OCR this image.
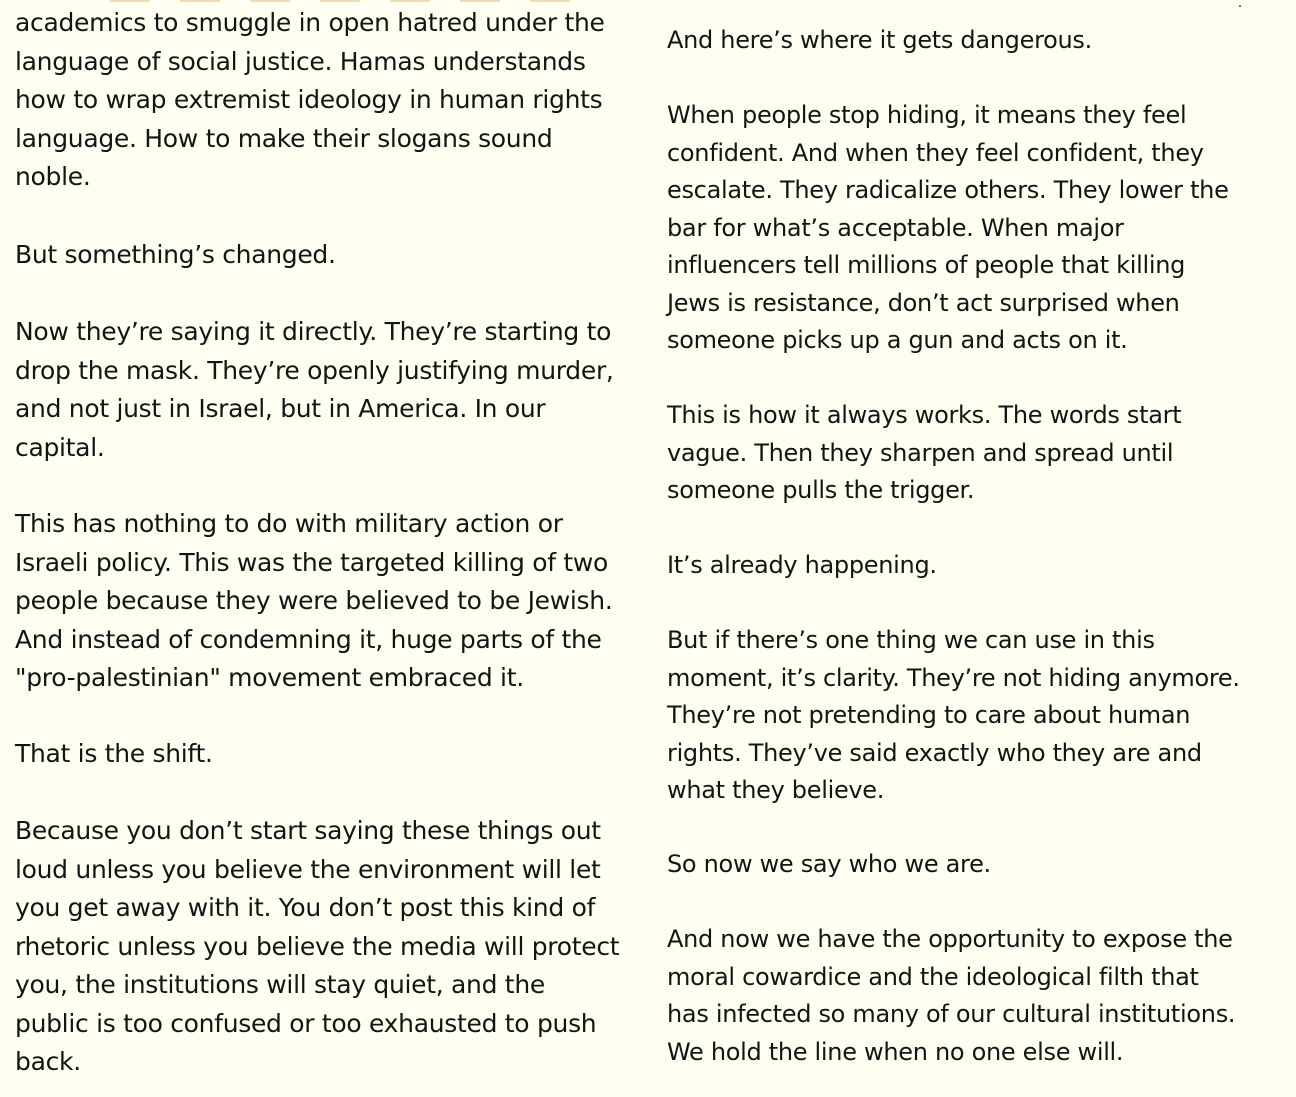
academics to smuggle in open hatred under the
language of social justice. Hamas understands
how to wrap extremist ideology in human rights
language. How to make their slogans sound
noble.

But something’s changed.

Now they’re saying it directly. They’re starting to
drop the mask. They’re openly justifying murder,
and not just in Israel, but in America. In our
capital.

This has nothing to do with military action or
Israeli policy. This was the targeted killing of two
people because they were believed to be Jewish.
And instead of condemning it, huge parts of the
"pro-palestinian" movement embraced it.

That is the shift.

Because you don’t start saying these things out
loud unless you believe the environment will let
you get away with it. You don’t post this kind of
rhetoric unless you believe the media will protect
you, the institutions will stay quiet, and the
public is too confused or too exhausted to push
back.

And here’s where it gets dangerous.

When people stop hiding, it means they feel
confident. And when they feel confident, they
escalate. They radicalize others. They lower the
bar for what’s acceptable. When major
influencers tell millions of people that killing
Jews is resistance, don’t act surprised when
someone picks up a gun and acts on it.

This is how it always works. The words start
vague. Then they sharpen and spread until
someone pulls the trigger.

It’s already happening.

But if there’s one thing we can use in this
moment, it’s clarity. They’re not hiding anymore.
They’re not pretending to care about human
rights. They’ve said exactly who they are and
what they believe.

So now we say who we are.

And now we have the opportunity to expose the
moral cowardice and the ideological filth that
has infected so many of our cultural institutions.
We hold the line when no one else will.
